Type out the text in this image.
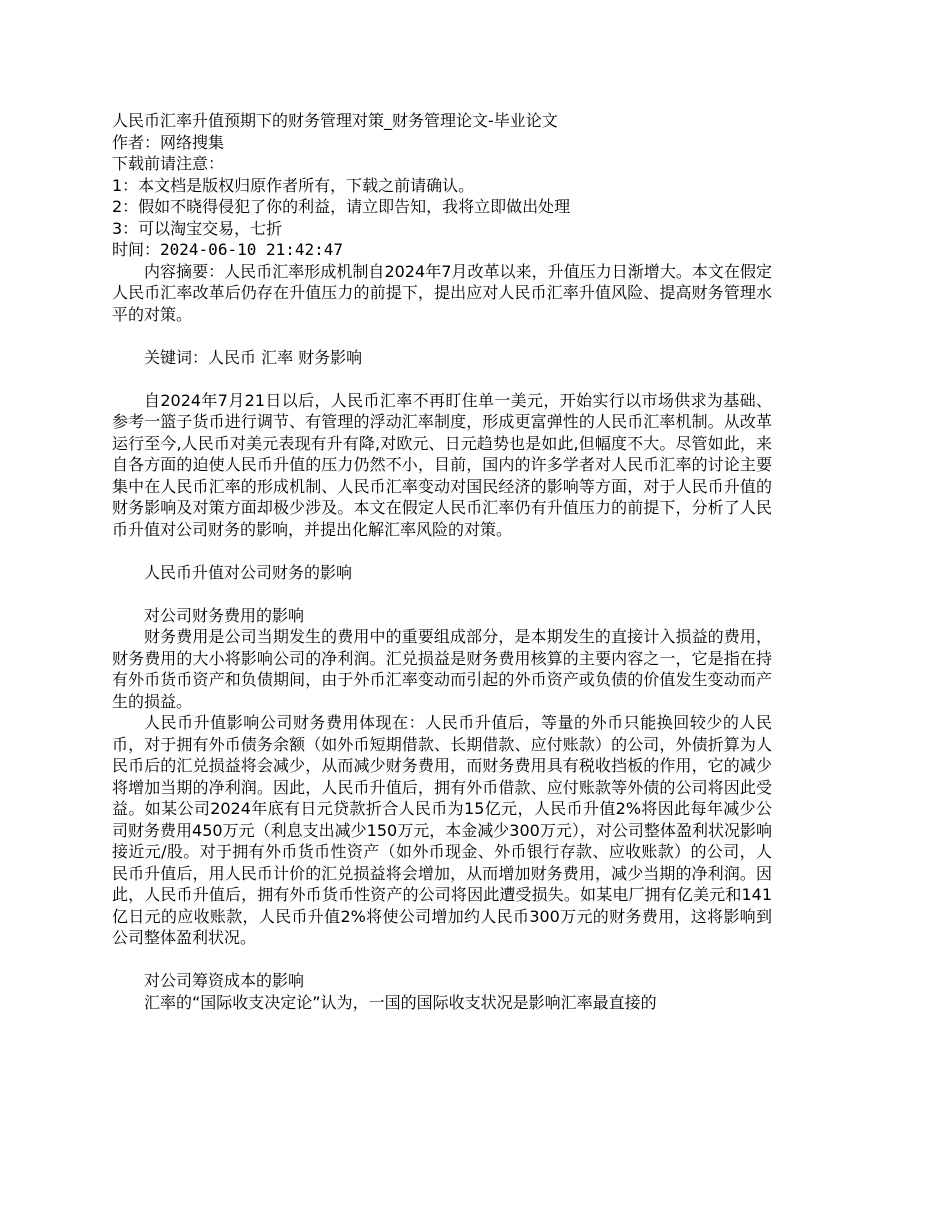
人民币汇率升值预期下的财务管理对策_财务管理论文-毕业论文
作者：网络搜集
下载前请注意：
1：本文档是版权归原作者所有，下载之前请确认。
2：假如不晓得侵犯了你的利益，请立即告知，我将立即做出处理
3：可以淘宝交易，七折
时间：2024-06-10 21:42:47

内容摘要：人民币汇率形成机制自2024年7月改革以来，升值压力日渐增大。本文在假定人民币汇率改革后仍存在升值压力的前提下，提出应对人民币汇率升值风险、提高财务管理水平的对策。

关键词：人民币 汇率 财务影响

自2024年7月21日以后，人民币汇率不再盯住单一美元，开始实行以市场供求为基础、参考一篮子货币进行调节、有管理的浮动汇率制度，形成更富弹性的人民币汇率机制。从改革运行至今,人民币对美元表现有升有降,对欧元、日元趋势也是如此,但幅度不大。尽管如此，来自各方面的迫使人民币升值的压力仍然不小，目前，国内的许多学者对人民币汇率的讨论主要集中在人民币汇率的形成机制、人民币汇率变动对国民经济的影响等方面，对于人民币升值的财务影响及对策方面却极少涉及。本文在假定人民币汇率仍有升值压力的前提下，分析了人民币升值对公司财务的影响，并提出化解汇率风险的对策。

人民币升值对公司财务的影响

对公司财务费用的影响

财务费用是公司当期发生的费用中的重要组成部分，是本期发生的直接计入损益的费用，财务费用的大小将影响公司的净利润。汇兑损益是财务费用核算的主要内容之一，它是指在持有外币货币资产和负债期间，由于外币汇率变动而引起的外币资产或负债的价值发生变动而产生的损益。

人民币升值影响公司财务费用体现在：人民币升值后，等量的外币只能换回较少的人民币，对于拥有外币债务余额（如外币短期借款、长期借款、应付账款）的公司，外债折算为人民币后的汇兑损益将会减少，从而减少财务费用，而财务费用具有税收挡板的作用，它的减少将增加当期的净利润。因此，人民币升值后，拥有外币借款、应付账款等外债的公司将因此受益。如某公司2024年底有日元贷款折合人民币为15亿元，人民币升值2%将因此每年减少公司财务费用450万元（利息支出减少150万元，本金减少300万元），对公司整体盈利状况影响接近元/股。对于拥有外币货币性资产（如外币现金、外币银行存款、应收账款）的公司，人民币升值后，用人民币计价的汇兑损益将会增加，从而增加财务费用，减少当期的净利润。因此，人民币升值后，拥有外币货币性资产的公司将因此遭受损失。如某电厂拥有亿美元和141亿日元的应收账款，人民币升值2%将使公司增加约人民币300万元的财务费用，这将影响到公司整体盈利状况。

对公司筹资成本的影响

汇率的“国际收支决定论”认为，一国的国际收支状况是影响汇率最直接的
